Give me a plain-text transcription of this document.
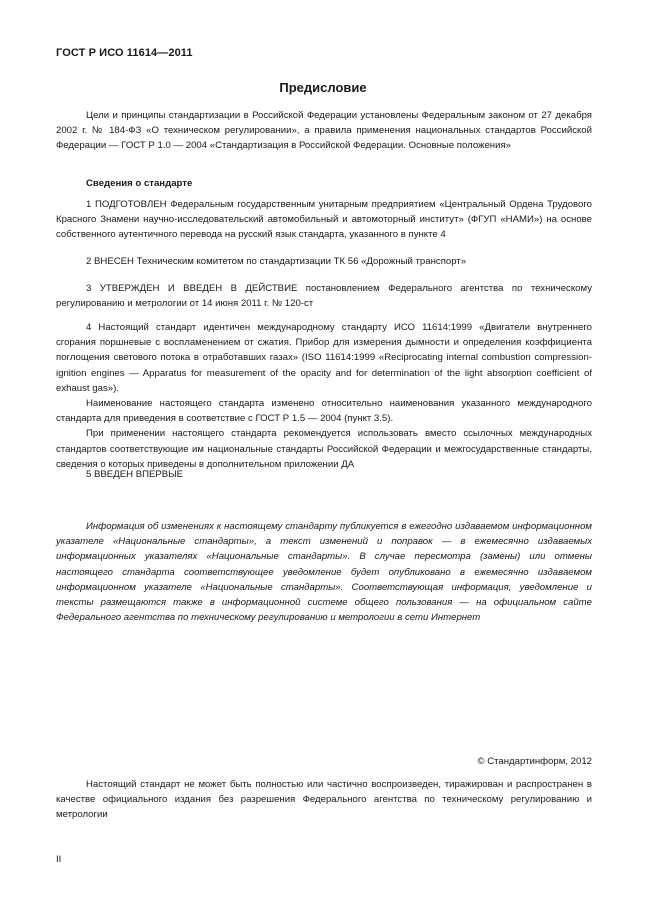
ГОСТ Р ИСО 11614—2011
Предисловие

Цели и принципы стандартизации в Российской Федерации установлены Федеральным законом от 27 декабря 2002 г. № 184-ФЗ «О техническом регулировании», а правила применения национальных стандартов Российской Федерации — ГОСТ Р 1.0 — 2004 «Стандартизация в Российской Федерации. Основные положения»

Сведения о стандарте

1 ПОДГОТОВЛЕН Федеральным государственным унитарным предприятием «Центральный Ордена Трудового Красного Знамени научно-исследовательский автомобильный и автомоторный институт» (ФГУП «НАМИ») на основе собственного аутентичного перевода на русский язык стандарта, указанного в пункте 4

2 ВНЕСЕН Техническим комитетом по стандартизации ТК 56 «Дорожный транспорт»

3 УТВЕРЖДЕН И ВВЕДЕН В ДЕЙСТВИЕ постановлением Федерального агентства по техническому регулированию и метрологии от 14 июня 2011 г. № 120-ст

4 Настоящий стандарт идентичен международному стандарту ИСО 11614:1999 «Двигатели внутреннего сгорания поршневые с воспламенением от сжатия. Прибор для измерения дымности и определения коэффициента поглощения светового потока в отработавших газах» (ISO 11614:1999 «Reciprocating internal combustion compression-ignition engines — Apparatus for measurement of the opacity and for determination of the light absorption coefficient of exhaust gas»).

Наименование настоящего стандарта изменено относительно наименования указанного международного стандарта для приведения в соответствие с ГОСТ Р 1.5 — 2004 (пункт 3.5).

При применении настоящего стандарта рекомендуется использовать вместо ссылочных международных стандартов соответствующие им национальные стандарты Российской Федерации и межгосударственные стандарты, сведения о которых приведены в дополнительном приложении ДА

5 ВВЕДЕН ВПЕРВЫЕ

Информация об изменениях к настоящему стандарту публикуется в ежегодно издаваемом информационном указателе «Национальные стандарты», а текст изменений и поправок — в ежемесячно издаваемых информационных указателях «Национальные стандарты». В случае пересмотра (замены) или отмены настоящего стандарта соответствующее уведомление будет опубликовано в ежемесячно издаваемом информационном указателе «Национальные стандарты». Соответствующая информация, уведомление и тексты размещаются также в информационной системе общего пользования — на официальном сайте Федерального агентства по техническому регулированию и метрологии в сети Интернет

© Стандартинформ, 2012

Настоящий стандарт не может быть полностью или частично воспроизведен, тиражирован и распространен в качестве официального издания без разрешения Федерального агентства по техническому регулированию и метрологии

II
